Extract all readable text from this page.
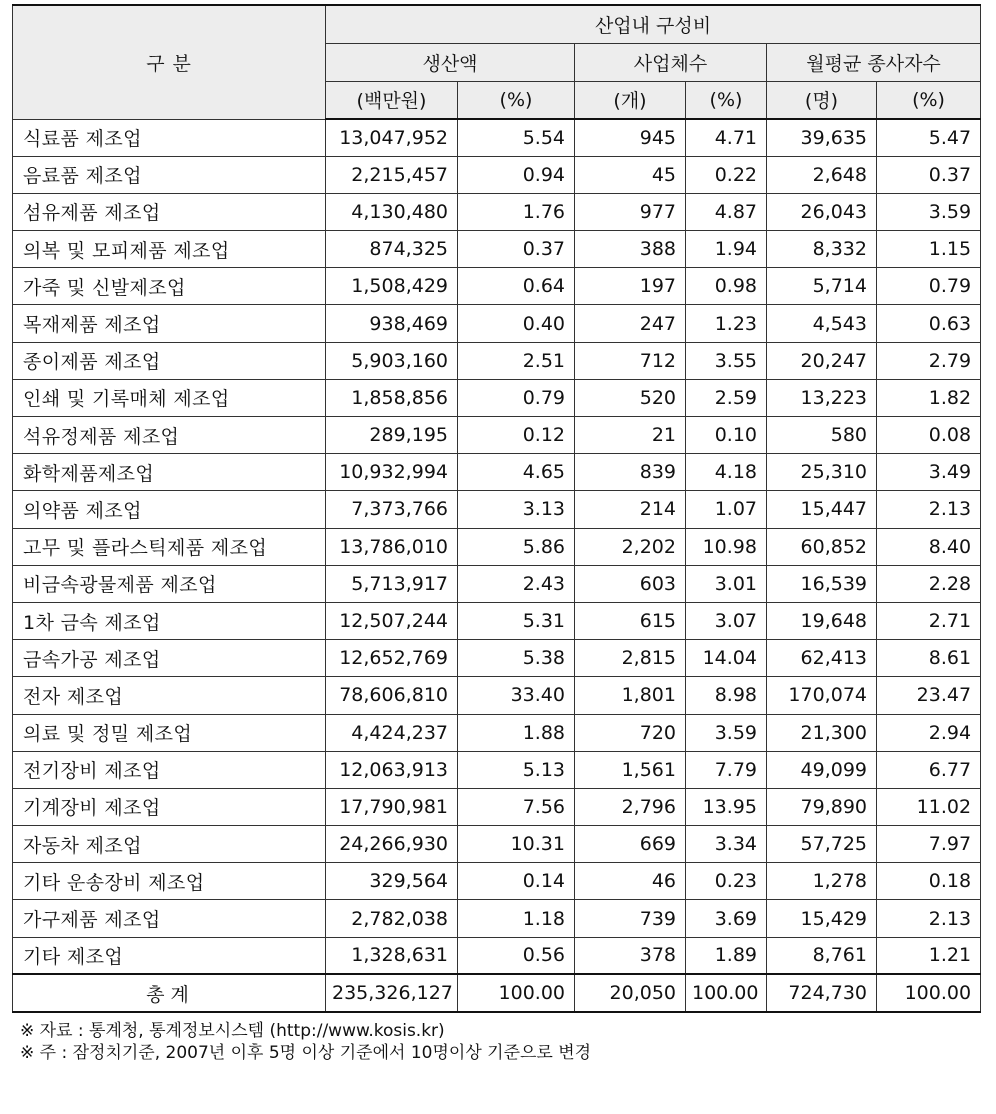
구 분	산업내 구성비					
	생산액		사업체수		월평균 종사자수	
	(백만원)	(%)	(개)	(%)	(명)	(%)
식료품 제조업	13,047,952	5.54	945	4.71	39,635	5.47
음료품 제조업	2,215,457	0.94	45	0.22	2,648	0.37
섬유제품 제조업	4,130,480	1.76	977	4.87	26,043	3.59
의복 및 모피제품 제조업	874,325	0.37	388	1.94	8,332	1.15
가죽 및 신발제조업	1,508,429	0.64	197	0.98	5,714	0.79
목재제품 제조업	938,469	0.40	247	1.23	4,543	0.63
종이제품 제조업	5,903,160	2.51	712	3.55	20,247	2.79
인쇄 및 기록매체 제조업	1,858,856	0.79	520	2.59	13,223	1.82
석유정제품 제조업	289,195	0.12	21	0.10	580	0.08
화학제품제조업	10,932,994	4.65	839	4.18	25,310	3.49
의약품 제조업	7,373,766	3.13	214	1.07	15,447	2.13
고무 및 플라스틱제품 제조업	13,786,010	5.86	2,202	10.98	60,852	8.40
비금속광물제품 제조업	5,713,917	2.43	603	3.01	16,539	2.28
1차 금속 제조업	12,507,244	5.31	615	3.07	19,648	2.71
금속가공 제조업	12,652,769	5.38	2,815	14.04	62,413	8.61
전자 제조업	78,606,810	33.40	1,801	8.98	170,074	23.47
의료 및 정밀 제조업	4,424,237	1.88	720	3.59	21,300	2.94
전기장비 제조업	12,063,913	5.13	1,561	7.79	49,099	6.77
기계장비 제조업	17,790,981	7.56	2,796	13.95	79,890	11.02
자동차 제조업	24,266,930	10.31	669	3.34	57,725	7.97
기타 운송장비 제조업	329,564	0.14	46	0.23	1,278	0.18
가구제품 제조업	2,782,038	1.18	739	3.69	15,429	2.13
기타 제조업	1,328,631	0.56	378	1.89	8,761	1.21
총 계	235,326,127	100.00	20,050	100.00	724,730	100.00
※ 자료 : 통계청, 통계정보시스템 (http://www.kosis.kr)
※ 주 : 잠정치기준, 2007년 이후 5명 이상 기준에서 10명이상 기준으로 변경
